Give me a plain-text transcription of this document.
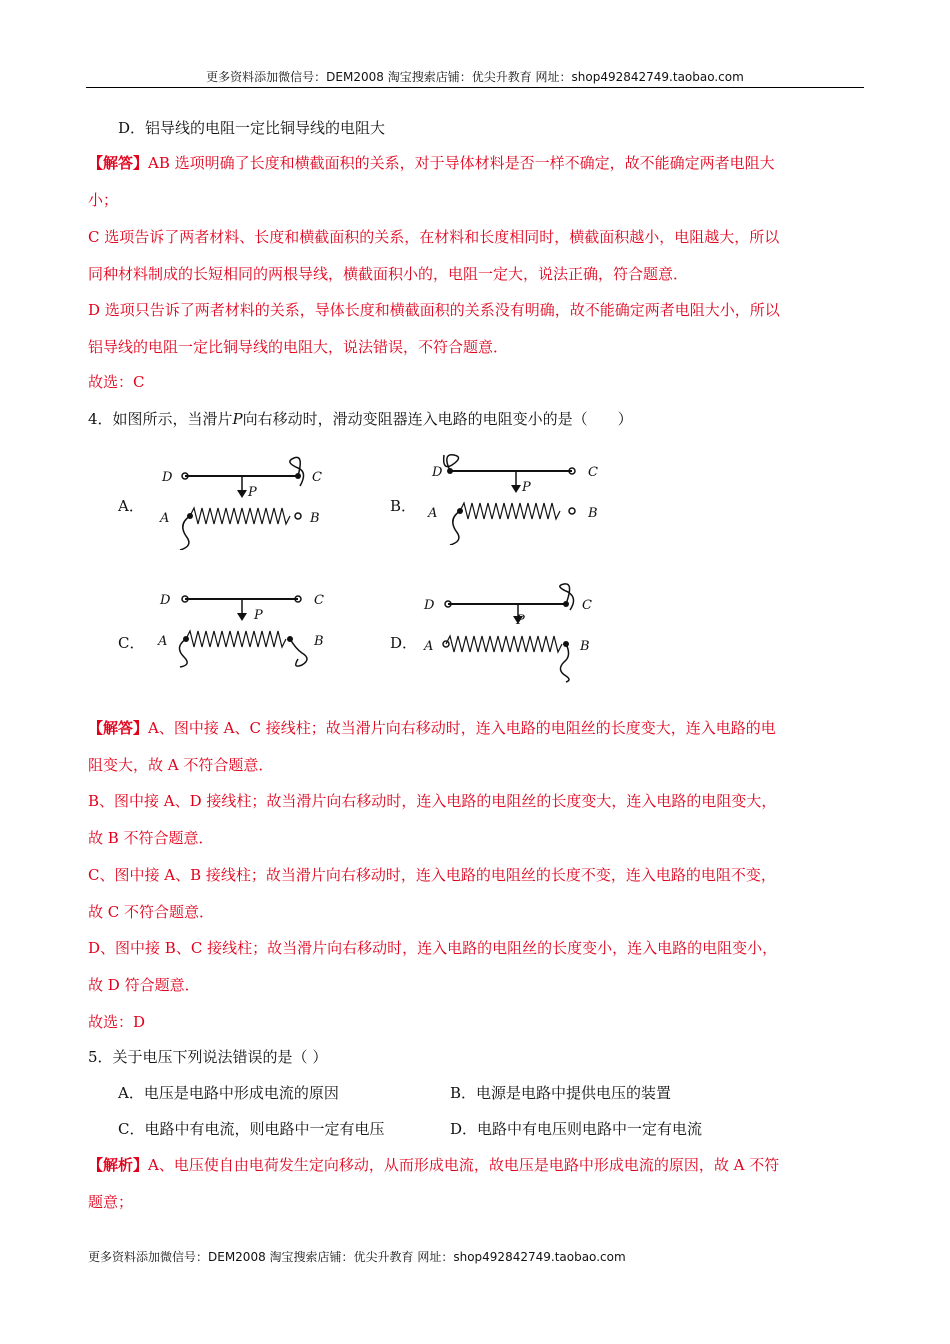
更多资料添加微信号：DEM2008 淘宝搜索店铺：优尖升教育 网址：shop492842749.taobao.com
D．铝导线的电阻一定比铜导线的电阻大
【解答】AB 选项明确了长度和横截面积的关系，对于导体材料是否一样不确定，故不能确定两者电阻大
小；
C 选项告诉了两者材料、长度和横截面积的关系，在材料和长度相同时，横截面积越小，电阻越大，所以
同种材料制成的长短相同的两根导线，横截面积小的，电阻一定大，说法正确，符合题意．
D 选项只告诉了两者材料的关系，导体长度和横截面积的关系没有明确，故不能确定两者电阻大小，所以
铝导线的电阻一定比铜导线的电阻大，说法错误，不符合题意．
故选：C
4．如图所示，当滑片P向右移动时，滑动变阻器连入电路的电阻变小的是（　　）
A．	B．
C．	D．
D	C
P
A	B
D	C
P
A	B
D	C
P
A	B
D	C
P
A	B
【解答】A、图中接 A、C 接线柱；故当滑片向右移动时，连入电路的电阻丝的长度变大，连入电路的电
阻变大，故 A 不符合题意．
B、图中接 A、D 接线柱；故当滑片向右移动时，连入电路的电阻丝的长度变大，连入电路的电阻变大，
故 B 不符合题意．
C、图中接 A、B 接线柱；故当滑片向右移动时，连入电路的电阻丝的长度不变，连入电路的电阻不变，
故 C 不符合题意．
D、图中接 B、C 接线柱；故当滑片向右移动时，连入电路的电阻丝的长度变小，连入电路的电阻变小，
故 D 符合题意．
故选：D
5．关于电压下列说法错误的是（ ）
A．电压是电路中形成电流的原因	B．电源是电路中提供电压的装置
C．电路中有电流，则电路中一定有电压	D．电路中有电压则电路中一定有电流
【解析】A、电压使自由电荷发生定向移动，从而形成电流，故电压是电路中形成电流的原因，故 A 不符
题意；
更多资料添加微信号：DEM2008 淘宝搜索店铺：优尖升教育 网址：shop492842749.taobao.com
